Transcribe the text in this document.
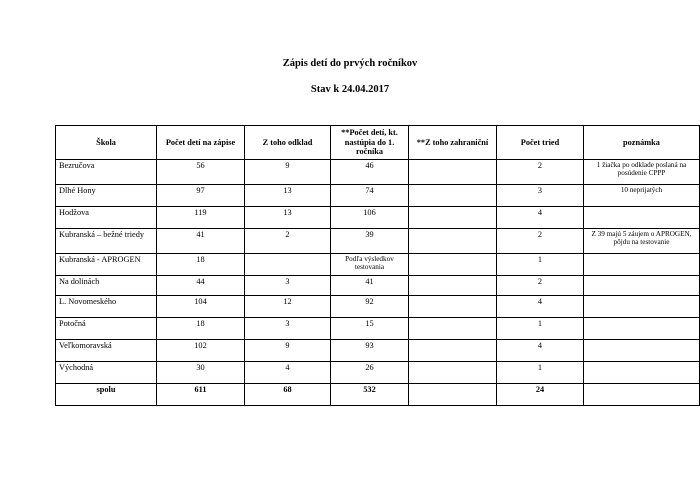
Zápis detí do prvých ročníkov
Stav k 24.04.2017
Škola	Počet detí na zápise	Z toho odklad	**Počet detí, kt. nastúpia do 1. ročníka	**Z toho zahraniční	Počet tried	poznámka
Bezručova	56	9	46		2	1 žiačka po odklade poslaná na posúdenie CPPP
Dlhé Hony	97	13	74		3	10 neprijatých
Hodžova	119	13	106		4	
Kubranská – bežné triedy	41	2	39		2	Z 39 majú 5 záujem o APROGEN, pôjdu na testovanie
Kubranská - APROGEN	18		Podľa výsledkov testovania		1	
Na dolinách	44	3	41		2	
L. Novomeského	104	12	92		4	
Potočná	18	3	15		1	
Veľkomoravská	102	9	93		4	
Východná	30	4	26		1	
spolu	611	68	532		24	
